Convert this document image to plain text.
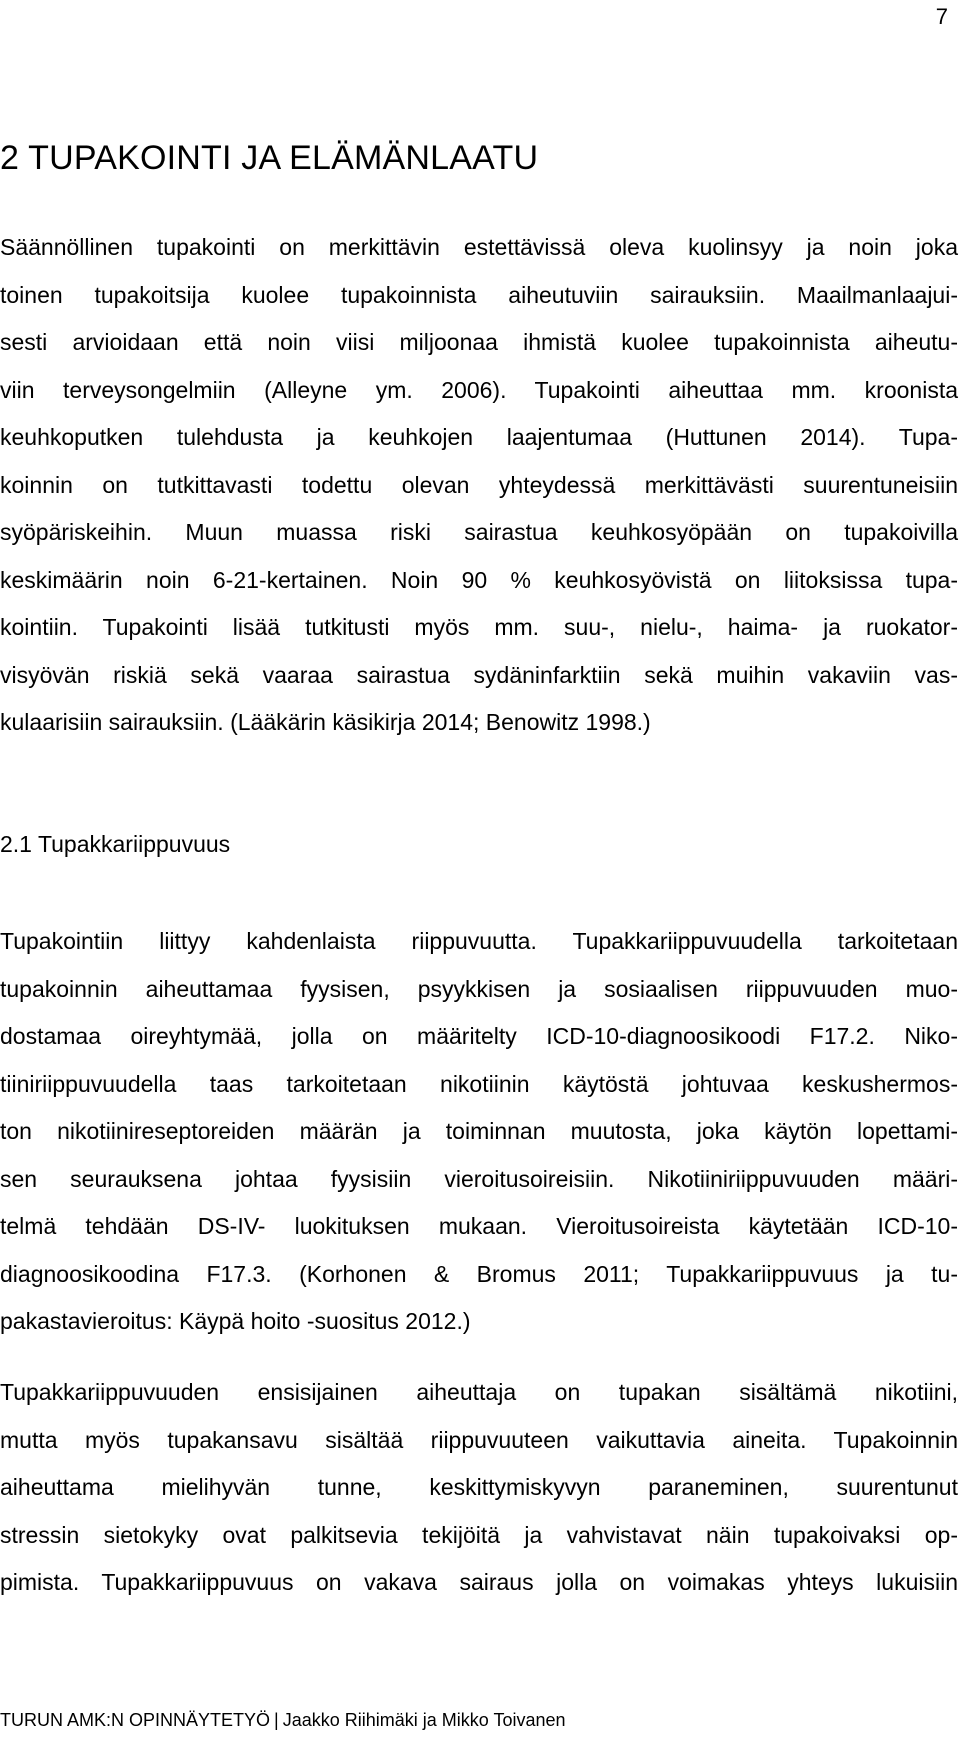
7
2 TUPAKOINTI JA ELÄMÄNLAATU
Säännöllinen tupakointi on merkittävin estettävissä oleva kuolinsyy ja noin joka
toinen tupakoitsija kuolee tupakoinnista aiheutuviin sairauksiin. Maailmanlaajui-
sesti arvioidaan että noin viisi miljoonaa ihmistä kuolee tupakoinnista aiheutu-
viin terveysongelmiin (Alleyne ym. 2006). Tupakointi aiheuttaa mm. kroonista
keuhkoputken tulehdusta ja keuhkojen laajentumaa (Huttunen 2014). Tupa-
koinnin on tutkittavasti todettu olevan yhteydessä merkittävästi suurentuneisiin
syöpäriskeihin. Muun muassa riski sairastua keuhkosyöpään on tupakoivilla
keskimäärin noin 6-21-kertainen. Noin 90 % keuhkosyövistä on liitoksissa tupa-
kointiin. Tupakointi lisää tutkitusti myös mm. suu-, nielu-, haima- ja ruokator-
visyövän riskiä sekä vaaraa sairastua sydäninfarktiin sekä muihin vakaviin vas-
kulaarisiin sairauksiin. (Lääkärin käsikirja 2014; Benowitz 1998.)
2.1 Tupakkariippuvuus
Tupakointiin liittyy kahdenlaista riippuvuutta. Tupakkariippuvuudella tarkoitetaan
tupakoinnin aiheuttamaa fyysisen, psyykkisen ja sosiaalisen riippuvuuden muo-
dostamaa oireyhtymää, jolla on määritelty ICD-10-diagnoosikoodi F17.2. Niko-
tiiniriippuvuudella taas tarkoitetaan nikotiinin käytöstä johtuvaa keskushermos-
ton nikotiinireseptoreiden määrän ja toiminnan muutosta, joka käytön lopettami-
sen seurauksena johtaa fyysisiin vieroitusoireisiin. Nikotiiniriippuvuuden määri-
telmä tehdään DS-IV- luokituksen mukaan. Vieroitusoireista käytetään ICD-10-
diagnoosikoodina F17.3. (Korhonen & Bromus 2011; Tupakkariippuvuus ja tu-
pakastavieroitus: Käypä hoito -suositus 2012.)
Tupakkariippuvuuden ensisijainen aiheuttaja on tupakan sisältämä nikotiini,
mutta myös tupakansavu sisältää riippuvuuteen vaikuttavia aineita. Tupakoinnin
aiheuttama mielihyvän tunne, keskittymiskyvyn paraneminen, suurentunut
stressin sietokyky ovat palkitsevia tekijöitä ja vahvistavat näin tupakoivaksi op-
pimista. Tupakkariippuvuus on vakava sairaus jolla on voimakas yhteys lukuisiin
TURUN AMK:N OPINNÄYTETYÖ | Jaakko Riihimäki ja Mikko Toivanen
